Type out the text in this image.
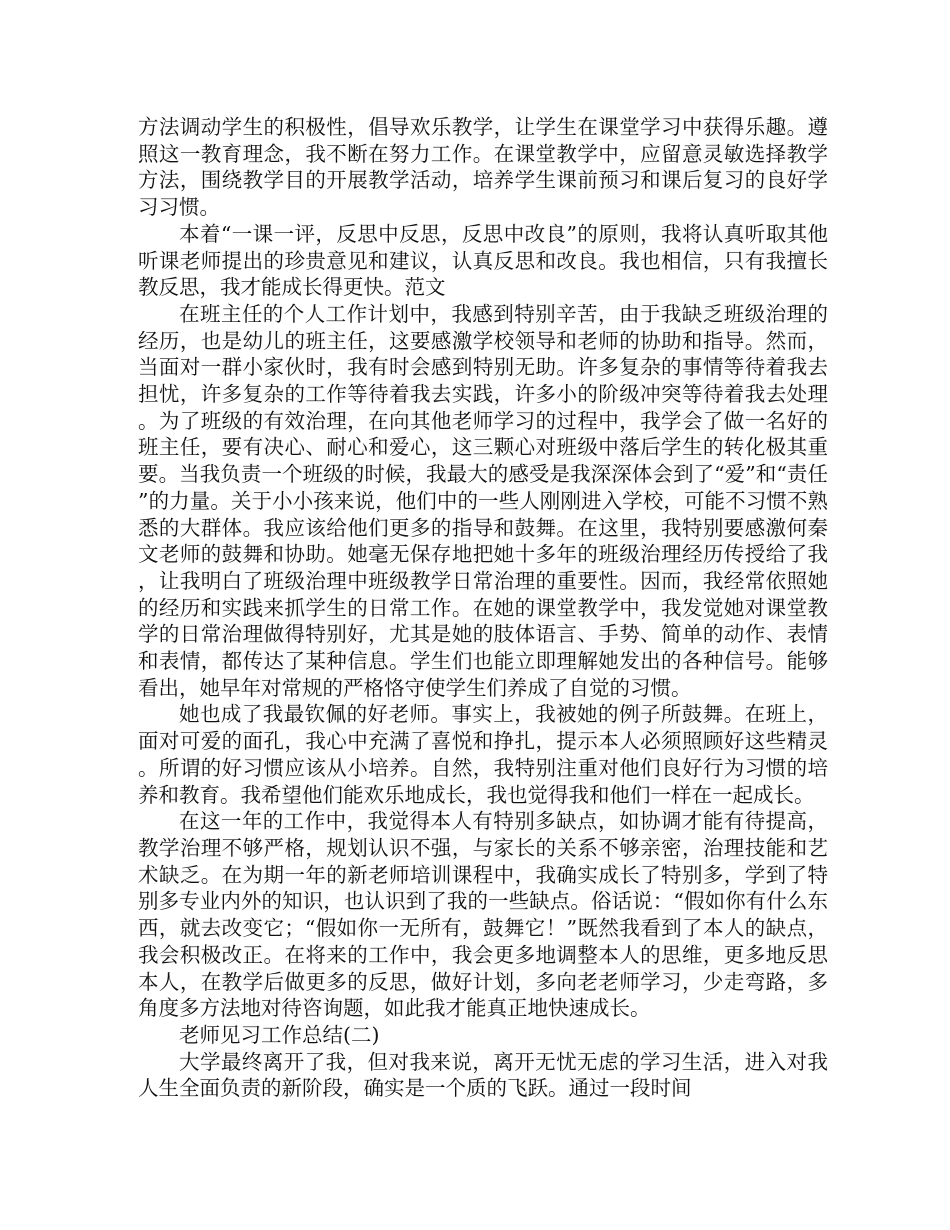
方法调动学生的积极性，倡导欢乐教学，让学生在课堂学习中获得乐趣。遵照这一教育理念，我不断在努力工作。在课堂教学中，应留意灵敏选择教学方法，围绕教学目的开展教学活动，培养学生课前预习和课后复习的良好学习习惯。

本着“一课一评，反思中反思，反思中改良”的原则，我将认真听取其他听课老师提出的珍贵意见和建议，认真反思和改良。我也相信，只有我擅长教反思，我才能成长得更快。范文

在班主任的个人工作计划中，我感到特别辛苦，由于我缺乏班级治理的经历，也是幼儿的班主任，这要感激学校领导和老师的协助和指导。然而，当面对一群小家伙时，我有时会感到特别无助。许多复杂的事情等待着我去担忧，许多复杂的工作等待着我去实践，许多小的阶级冲突等待着我去处理。为了班级的有效治理，在向其他老师学习的过程中，我学会了做一名好的班主任，要有决心、耐心和爱心，这三颗心对班级中落后学生的转化极其重要。当我负责一个班级的时候，我最大的感受是我深深体会到了“爱”和“责任”的力量。关于小小孩来说，他们中的一些人刚刚进入学校，可能不习惯不熟悉的大群体。我应该给他们更多的指导和鼓舞。在这里，我特别要感激何秦文老师的鼓舞和协助。她毫无保存地把她十多年的班级治理经历传授给了我，让我明白了班级治理中班级教学日常治理的重要性。因而，我经常依照她的经历和实践来抓学生的日常工作。在她的课堂教学中，我发觉她对课堂教学的日常治理做得特别好，尤其是她的肢体语言、手势、简单的动作、表情和表情，都传达了某种信息。学生们也能立即理解她发出的各种信号。能够看出，她早年对常规的严格恪守使学生们养成了自觉的习惯。

她也成了我最钦佩的好老师。事实上，我被她的例子所鼓舞。在班上，面对可爱的面孔，我心中充满了喜悦和挣扎，提示本人必须照顾好这些精灵。所谓的好习惯应该从小培养。自然，我特别注重对他们良好行为习惯的培养和教育。我希望他们能欢乐地成长，我也觉得我和他们一样在一起成长。

在这一年的工作中，我觉得本人有特别多缺点，如协调才能有待提高，教学治理不够严格，规划认识不强，与家长的关系不够亲密，治理技能和艺术缺乏。在为期一年的新老师培训课程中，我确实成长了特别多，学到了特别多专业内外的知识，也认识到了我的一些缺点。俗话说：“假如你有什么东西，就去改变它；“假如你一无所有，鼓舞它！”既然我看到了本人的缺点，我会积极改正。在将来的工作中，我会更多地调整本人的思维，更多地反思本人，在教学后做更多的反思，做好计划，多向老老师学习，少走弯路，多角度多方法地对待咨询题，如此我才能真正地快速成长。

老师见习工作总结(二)

大学最终离开了我，但对我来说，离开无忧无虑的学习生活，进入对我人生全面负责的新阶段，确实是一个质的飞跃。通过一段时间
